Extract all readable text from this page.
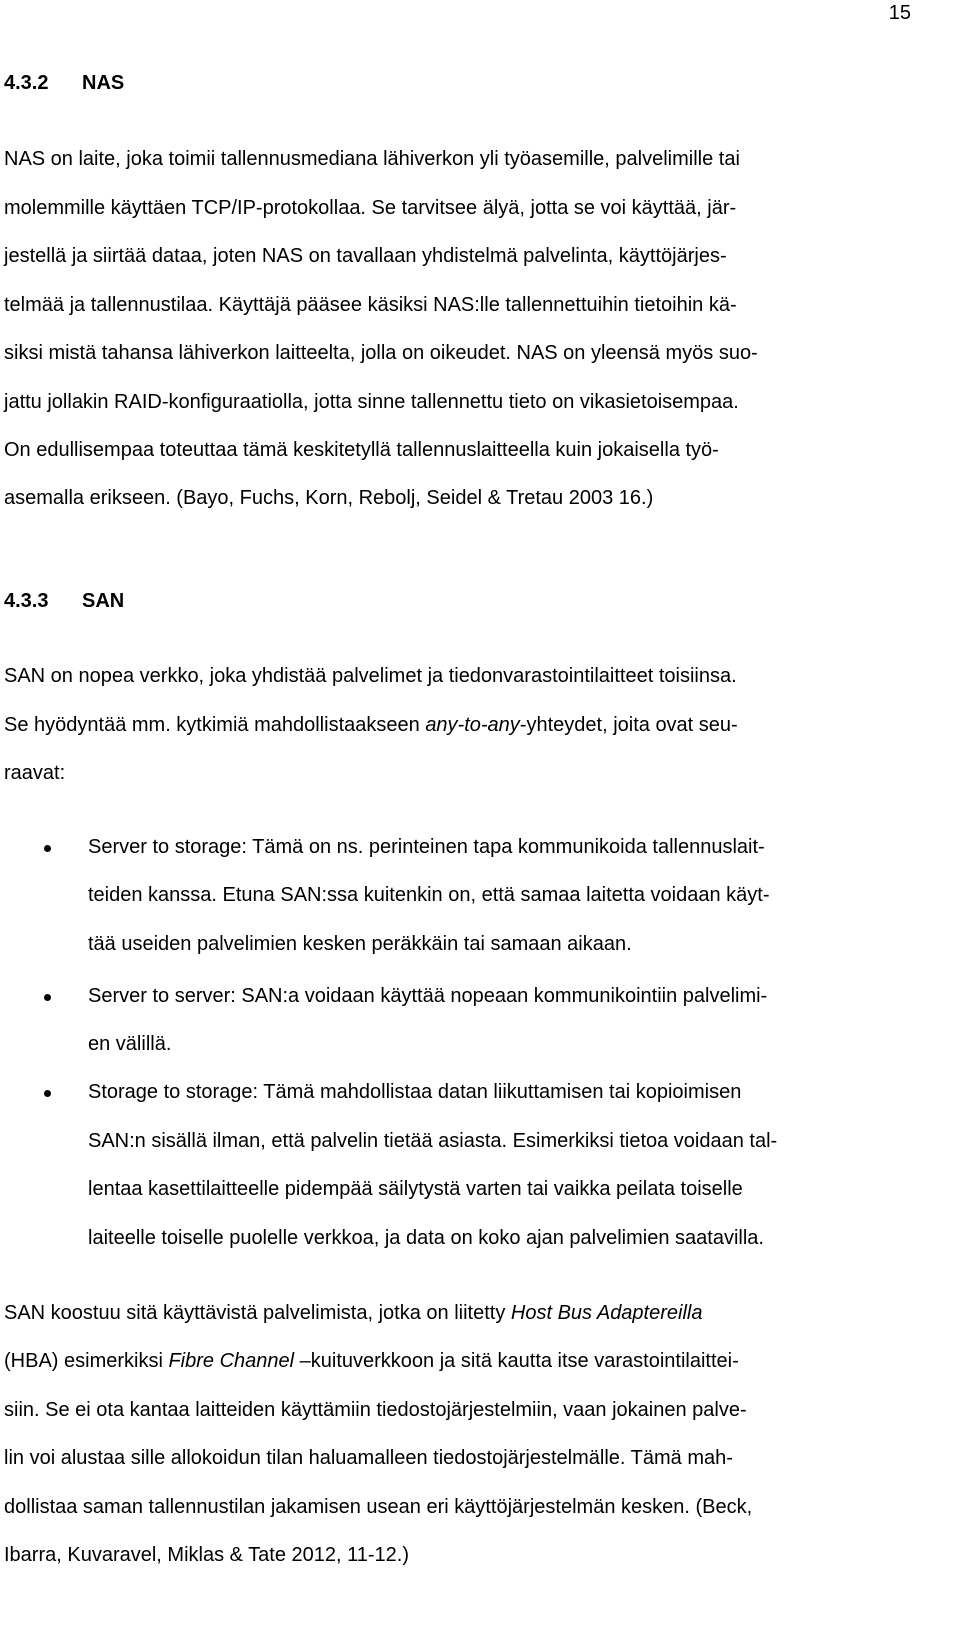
15
4.3.2 NAS
NAS on laite, joka toimii tallennusmediana lähiverkon yli työasemille, palvelimille tai
molemmille käyttäen TCP/IP-protokollaa. Se tarvitsee älyä, jotta se voi käyttää, jär-
jestellä ja siirtää dataa, joten NAS on tavallaan yhdistelmä palvelinta, käyttöjärjes-
telmää ja tallennustilaa. Käyttäjä pääsee käsiksi NAS:lle tallennettuihin tietoihin kä-
siksi mistä tahansa lähiverkon laitteelta, jolla on oikeudet. NAS on yleensä myös suo-
jattu jollakin RAID-konfiguraatiolla, jotta sinne tallennettu tieto on vikasietoisempaa.
On edullisempaa toteuttaa tämä keskitetyllä tallennuslaitteella kuin jokaisella työ-
asemalla erikseen. (Bayo, Fuchs, Korn, Rebolj, Seidel & Tretau 2003 16.)
4.3.3 SAN
SAN on nopea verkko, joka yhdistää palvelimet ja tiedonvarastointilaitteet toisiinsa.
Se hyödyntää mm. kytkimiä mahdollistaakseen any-to-any-yhteydet, joita ovat seu-
raavat:
Server to storage: Tämä on ns. perinteinen tapa kommunikoida tallennuslait-
teiden kanssa. Etuna SAN:ssa kuitenkin on, että samaa laitetta voidaan käyt-
tää useiden palvelimien kesken peräkkäin tai samaan aikaan.
Server to server: SAN:a voidaan käyttää nopeaan kommunikointiin palvelimi-
en välillä.
Storage to storage: Tämä mahdollistaa datan liikuttamisen tai kopioimisen
SAN:n sisällä ilman, että palvelin tietää asiasta. Esimerkiksi tietoa voidaan tal-
lentaa kasettilaitteelle pidempää säilytystä varten tai vaikka peilata toiselle
laiteelle toiselle puolelle verkkoa, ja data on koko ajan palvelimien saatavilla.
SAN koostuu sitä käyttävistä palvelimista, jotka on liitetty Host Bus Adaptereilla
(HBA) esimerkiksi Fibre Channel –kuituverkkoon ja sitä kautta itse varastointilaittei-
siin. Se ei ota kantaa laitteiden käyttämiin tiedostojärjestelmiin, vaan jokainen palve-
lin voi alustaa sille allokoidun tilan haluamalleen tiedostojärjestelmälle. Tämä mah-
dollistaa saman tallennustilan jakamisen usean eri käyttöjärjestelmän kesken. (Beck,
Ibarra, Kuvaravel, Miklas & Tate 2012, 11-12.)
